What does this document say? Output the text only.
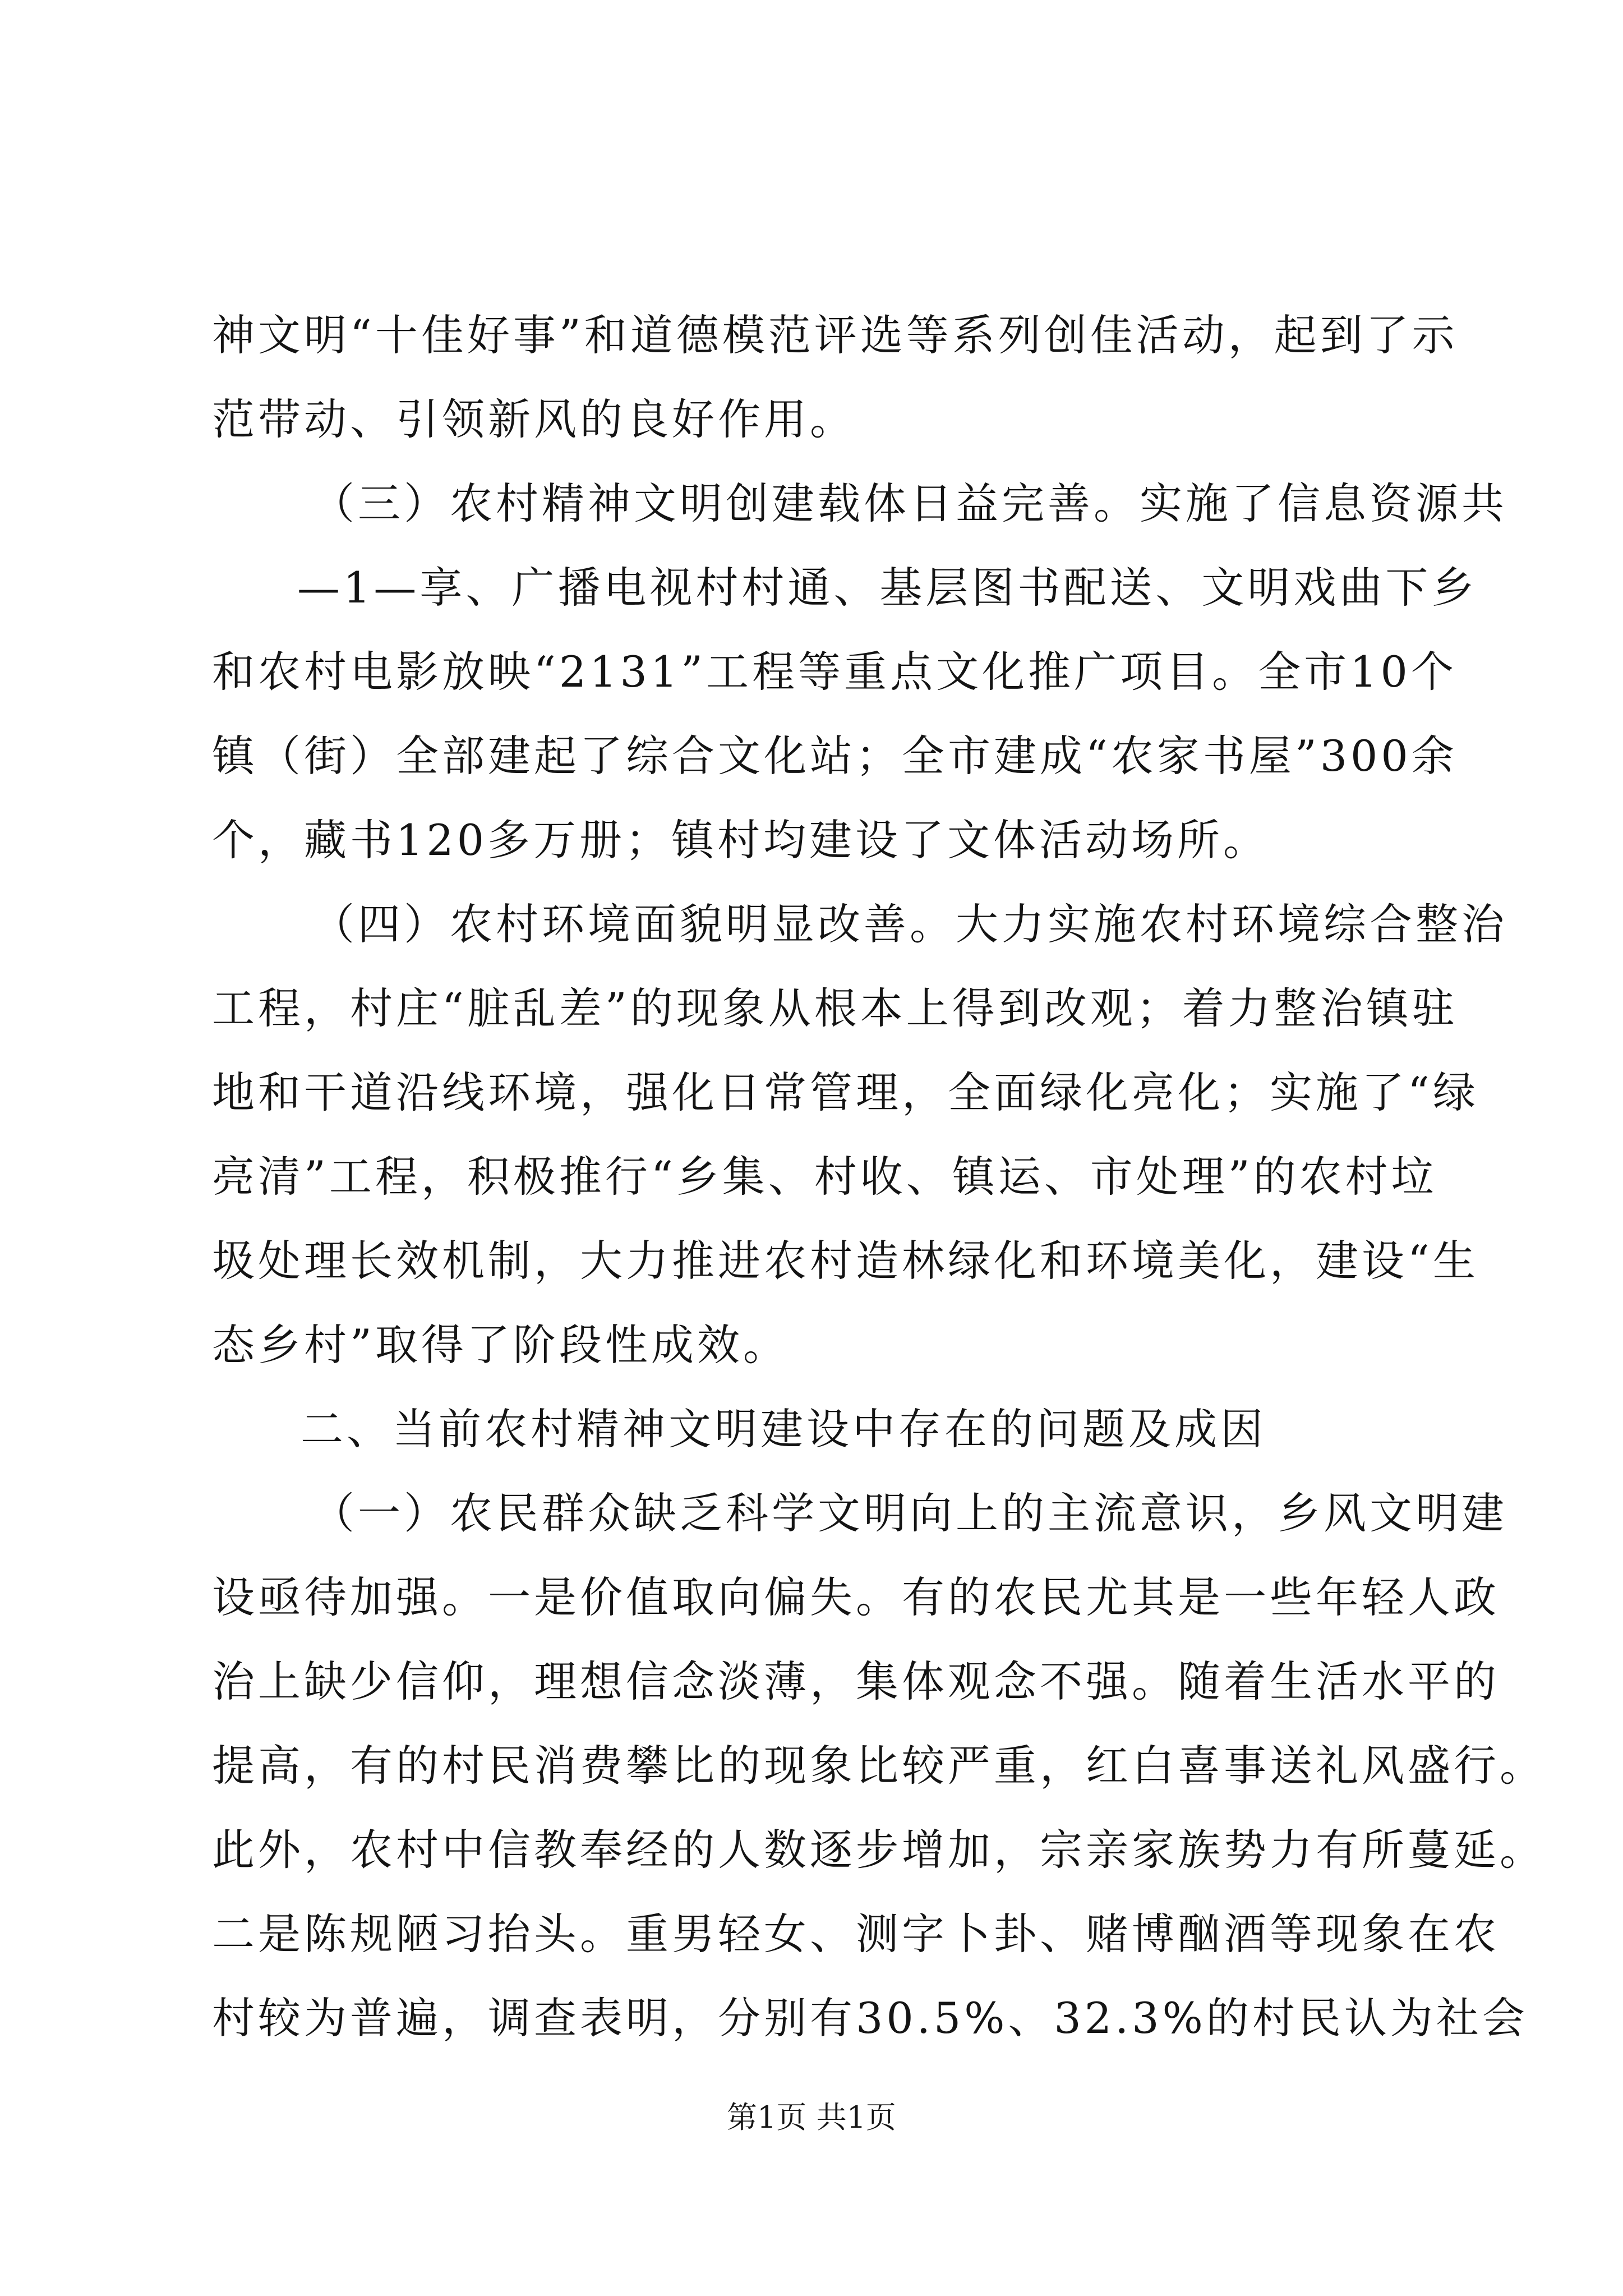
神文明“十佳好事”和道德模范评选等系列创佳活动，起到了示
范带动、引领新风的良好作用。
（三）农村精神文明创建载体日益完善。实施了信息资源共
—1—享、广播电视村村通、基层图书配送、文明戏曲下乡
和农村电影放映“2131”工程等重点文化推广项目。全市10个
镇（街）全部建起了综合文化站；全市建成“农家书屋”300余
个，藏书120多万册；镇村均建设了文体活动场所。
（四）农村环境面貌明显改善。大力实施农村环境综合整治
工程，村庄“脏乱差”的现象从根本上得到改观；着力整治镇驻
地和干道沿线环境，强化日常管理，全面绿化亮化；实施了“绿
亮清”工程，积极推行“乡集、村收、镇运、市处理”的农村垃
圾处理长效机制，大力推进农村造林绿化和环境美化，建设“生
态乡村”取得了阶段性成效。
二、当前农村精神文明建设中存在的问题及成因
（一）农民群众缺乏科学文明向上的主流意识，乡风文明建
设亟待加强。一是价值取向偏失。有的农民尤其是一些年轻人政
治上缺少信仰，理想信念淡薄，集体观念不强。随着生活水平的
提高，有的村民消费攀比的现象比较严重，红白喜事送礼风盛行。
此外，农村中信教奉经的人数逐步增加，宗亲家族势力有所蔓延。
二是陈规陋习抬头。重男轻女、测字卜卦、赌博酗酒等现象在农
村较为普遍，调查表明，分别有30.5%、32.3%的村民认为社会
第1页 共1页
